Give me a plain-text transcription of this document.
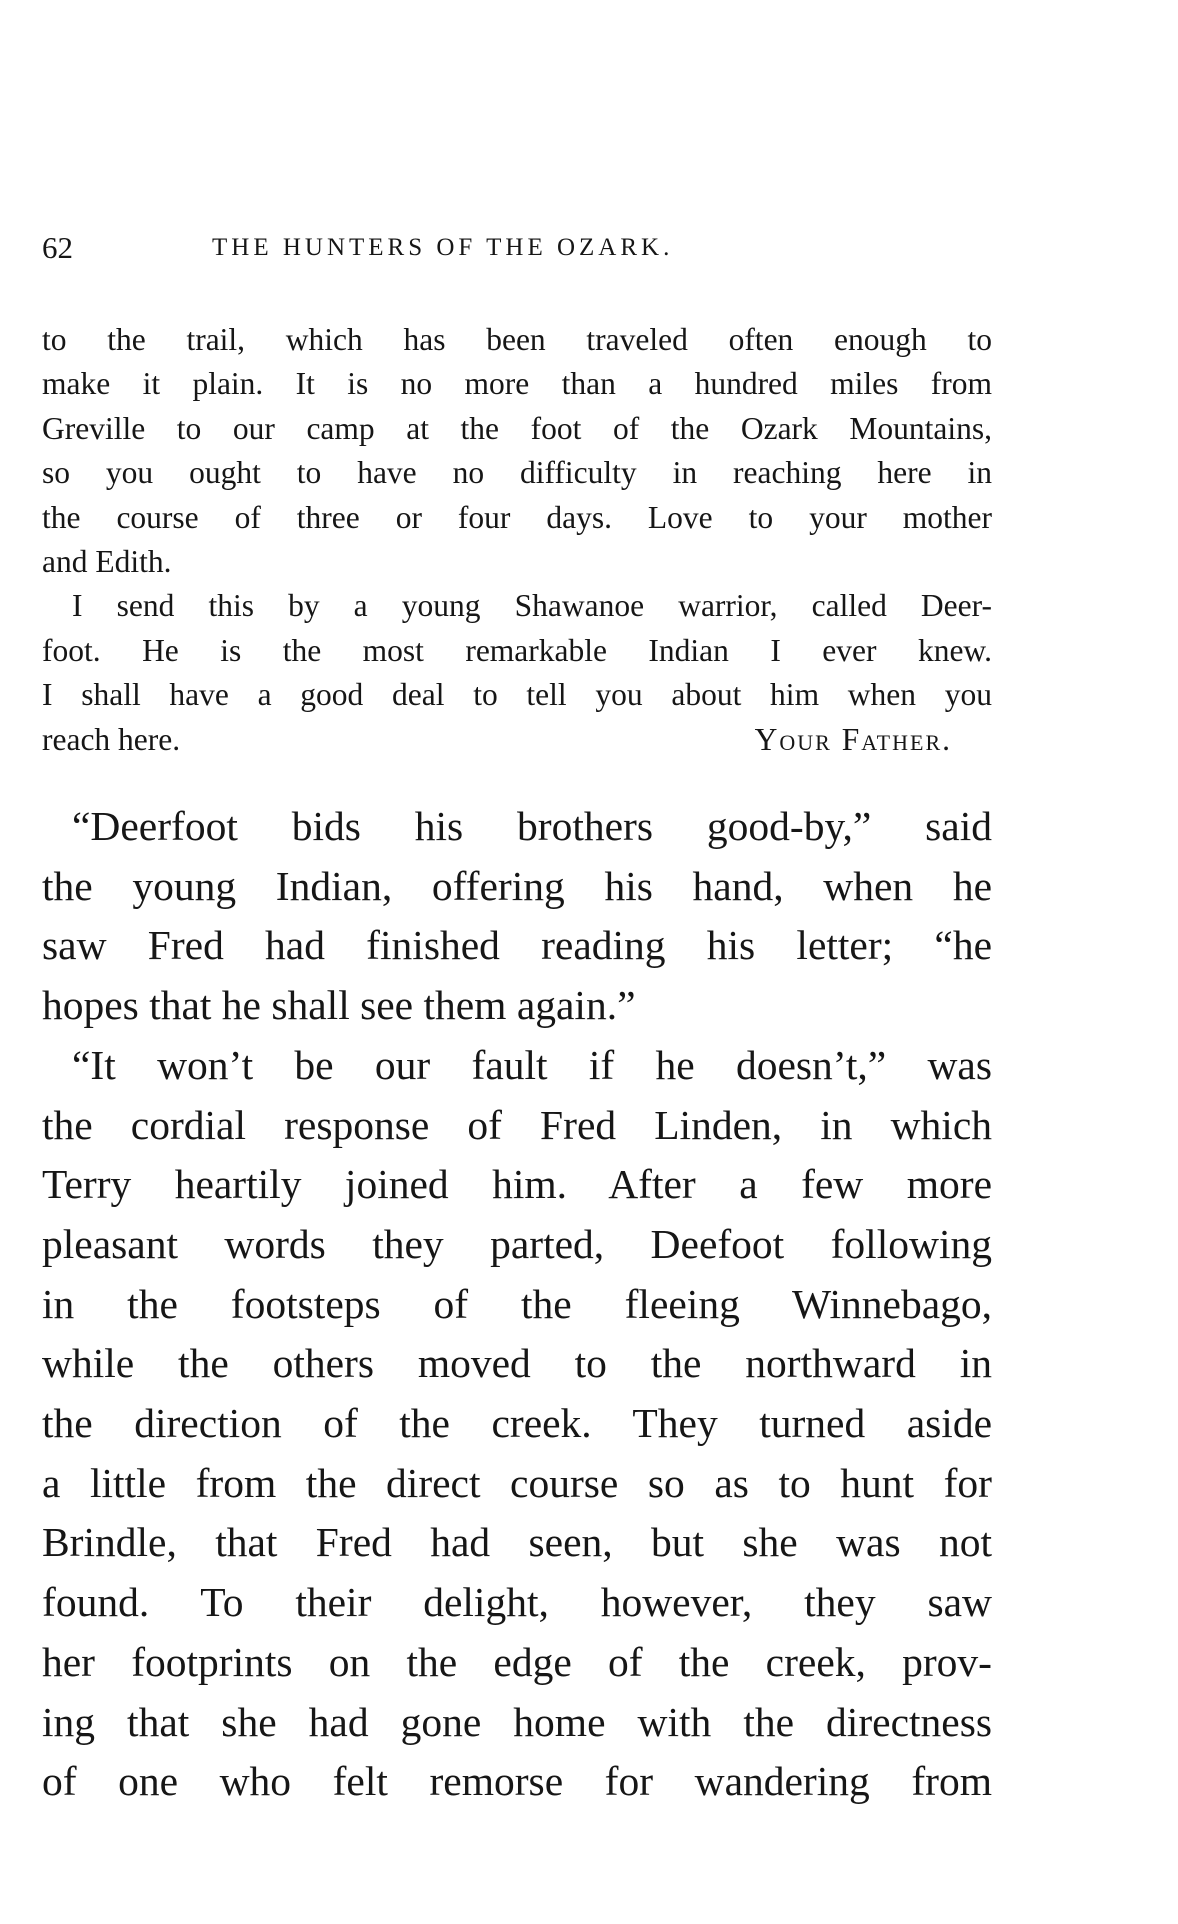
62	THE HUNTERS OF THE OZARK.
to the trail, which has been traveled often enough to
make it plain. It is no more than a hundred miles from
Greville to our camp at the foot of the Ozark Mountains,
so you ought to have no difficulty in reaching here in
the course of three or four days. Love to your mother
and Edith.
I send this by a young Shawanoe warrior, called Deer-
foot. He is the most remarkable Indian I ever knew.
I shall have a good deal to tell you about him when you
reach here.	Your Father.
“Deerfoot bids his brothers good-by,” said
the young Indian, offering his hand, when he
saw Fred had finished reading his letter; “he
hopes that he shall see them again.”
“It won’t be our fault if he doesn’t,” was
the cordial response of Fred Linden, in which
Terry heartily joined him. After a few more
pleasant words they parted, Deefoot following
in the footsteps of the fleeing Winnebago,
while the others moved to the northward in
the direction of the creek. They turned aside
a little from the direct course so as to hunt for
Brindle, that Fred had seen, but she was not
found. To their delight, however, they saw
her footprints on the edge of the creek, prov-
ing that she had gone home with the directness
of one who felt remorse for wandering from
